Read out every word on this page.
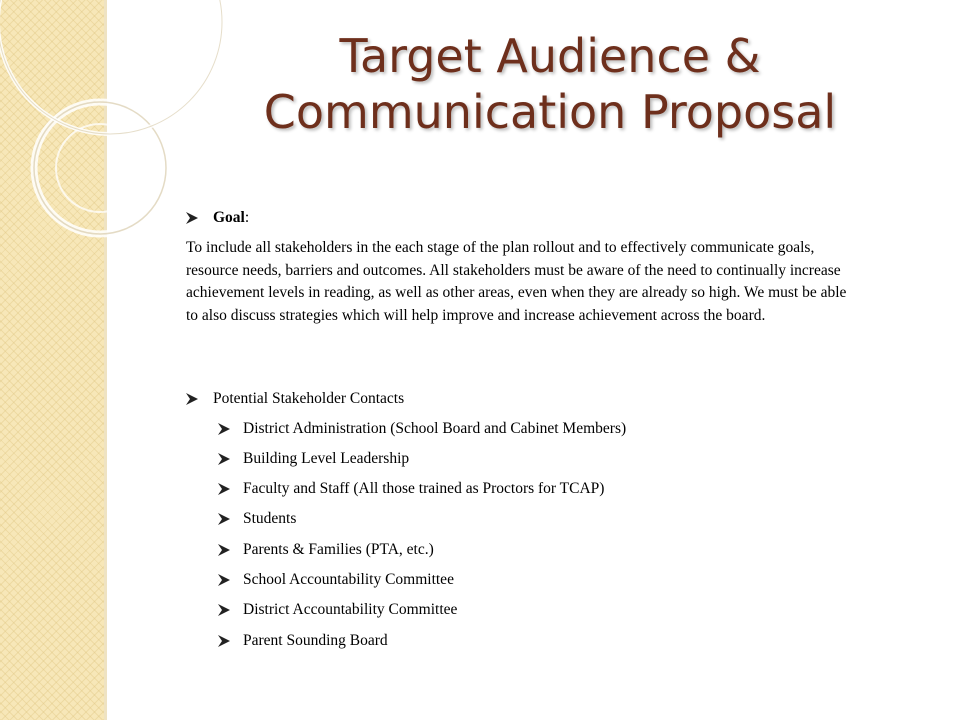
Target Audience &
Communication Proposal
Goal:

To include all stakeholders in the each stage of the plan rollout and to effectively communicate goals, resource needs, barriers and outcomes. All stakeholders must be aware of the need to continually increase achievement levels in reading, as well as other areas, even when they are already so high. We must be able to also discuss strategies which will help improve and increase achievement across the board.

Potential Stakeholder Contacts
District Administration (School Board and Cabinet Members)
Building Level Leadership
Faculty and Staff (All those trained as Proctors for TCAP)
Students
Parents & Families (PTA, etc.)
School Accountability Committee
District Accountability Committee
Parent Sounding Board
